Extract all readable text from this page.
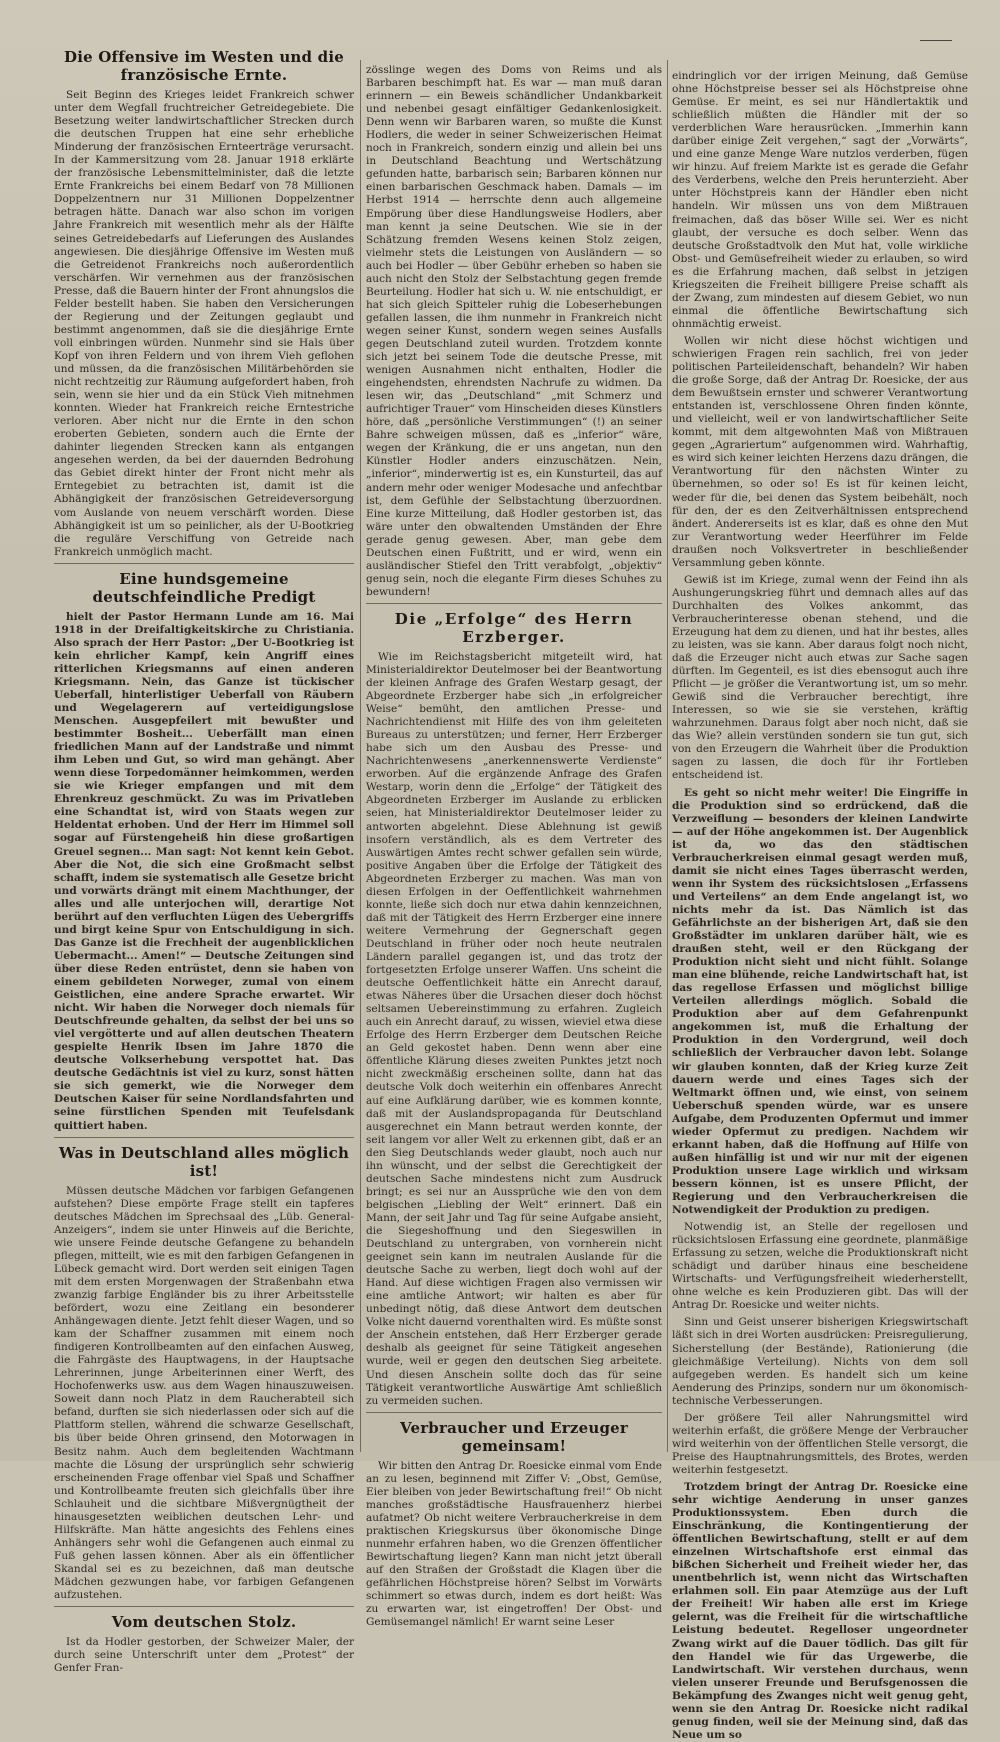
Die Offensive im Westen und die französische Ernte.

Seit Beginn des Krieges leidet Frankreich schwer unter dem Wegfall fruchtreicher Getreidegebiete. Die Besetzung weiter landwirtschaftlicher Strecken durch die deutschen Truppen hat eine sehr erhebliche Minderung der französischen Ernteerträge verursacht. In der Kammersitzung vom 28. Januar 1918 erklärte der französische Lebensmittelminister, daß die letzte Ernte Frankreichs bei einem Bedarf von 78 Millionen Doppelzentnern nur 31 Millionen Doppelzentner betragen hätte. Danach war also schon im vorigen Jahre Frankreich mit wesentlich mehr als der Hälfte seines Getreidebedarfs auf Lieferungen des Auslandes angewiesen. Die diesjährige Offensive im Westen muß die Getreidenot Frankreichs noch außerordentlich verschärfen. Wir vernehmen aus der französischen Presse, daß die Bauern hinter der Front ahnungslos die Felder bestellt haben. Sie haben den Versicherungen der Regierung und der Zeitungen geglaubt und bestimmt angenommen, daß sie die diesjährige Ernte voll einbringen würden. Nunmehr sind sie Hals über Kopf von ihren Feldern und von ihrem Vieh geflohen und müssen, da die französischen Militärbehörden sie nicht rechtzeitig zur Räumung aufgefordert haben, froh sein, wenn sie hier und da ein Stück Vieh mitnehmen konnten. Wieder hat Frankreich reiche Erntestriche verloren. Aber nicht nur die Ernte in den schon eroberten Gebieten, sondern auch die Ernte der dahinter liegenden Strecken kann als entgangen angesehen werden, da bei der dauernden Bedrohung das Gebiet direkt hinter der Front nicht mehr als Erntegebiet zu betrachten ist, damit ist die Abhängigkeit der französischen Getreideversorgung vom Auslande von neuem verschärft worden. Diese Abhängigkeit ist um so peinlicher, als der U-Bootkrieg die reguläre Verschiffung von Getreide nach Frankreich unmöglich macht.

Eine hundsgemeine deutschfeindliche Predigt

hielt der Pastor Hermann Lunde am 16. Mai 1918 in der Dreifaltigkeitskirche zu Christiania. Also sprach der Herr Pastor: „Der U-Bootkrieg ist kein ehrlicher Kampf, kein Angriff eines ritterlichen Kriegsmanns auf einen anderen Kriegsmann. Nein, das Ganze ist tückischer Ueberfall, hinterlistiger Ueberfall von Räubern und Wegelagerern auf verteidigungslose Menschen. Ausgepfeilert mit bewußter und bestimmter Bosheit... Ueberfällt man einen friedlichen Mann auf der Landstraße und nimmt ihm Leben und Gut, so wird man gehängt. Aber wenn diese Torpedomänner heimkommen, werden sie wie Krieger empfangen und mit dem Ehrenkreuz geschmückt. Zu was im Privatleben eine Schandtat ist, wird von Staats wegen zur Heldentat erhoben. Und der Herr im Himmel soll sogar auf Fürstengeheiß hin diese großartigen Greuel segnen... Man sagt: Not kennt kein Gebot. Aber die Not, die sich eine Großmacht selbst schafft, indem sie systematisch alle Gesetze bricht und vorwärts drängt mit einem Machthunger, der alles und alle unterjochen will, derartige Not berührt auf den verfluchten Lügen des Uebergriffs und birgt keine Spur von Entschuldigung in sich. Das Ganze ist die Frechheit der augenblicklichen Uebermacht... Amen!“ — Deutsche Zeitungen sind über diese Reden entrüstet, denn sie haben von einem gebildeten Norweger, zumal von einem Geistlichen, eine andere Sprache erwartet. Wir nicht. Wir haben die Norweger doch niemals für Deutschfreunde gehalten, da selbst der bei uns so viel vergötterte und auf allen deutschen Theatern gespielte Henrik Ibsen im Jahre 1870 die deutsche Volkserhebung verspottet hat. Das deutsche Gedächtnis ist viel zu kurz, sonst hätten sie sich gemerkt, wie die Norweger dem Deutschen Kaiser für seine Nordlandsfahrten und seine fürstlichen Spenden mit Teufelsdank quittiert haben.

Was in Deutschland alles möglich ist!

Müssen deutsche Mädchen vor farbigen Gefangenen aufstehen? Diese empörte Frage stellt ein tapferes deutsches Mädchen im Sprechsaal des „Lüb. General-Anzeigers“, indem sie unter Hinweis auf die Berichte, wie unsere Feinde deutsche Gefangene zu behandeln pflegen, mitteilt, wie es mit den farbigen Gefangenen in Lübeck gemacht wird. Dort werden seit einigen Tagen mit dem ersten Morgenwagen der Straßenbahn etwa zwanzig farbige Engländer bis zu ihrer Arbeitsstelle befördert, wozu eine Zeitlang ein besonderer Anhängewagen diente. Jetzt fehlt dieser Wagen, und so kam der Schaffner zusammen mit einem noch findigeren Kontrollbeamten auf den einfachen Ausweg, die Fahrgäste des Hauptwagens, in der Hauptsache Lehrerinnen, junge Arbeiterinnen einer Werft, des Hochofenwerks usw. aus dem Wagen hinauszuweisen. Soweit dann noch Platz in dem Raucherabteil sich befand, durften sie sich niederlassen oder sich auf die Plattform stellen, während die schwarze Gesellschaft, bis über beide Ohren grinsend, den Motorwagen in Besitz nahm. Auch dem begleitenden Wachtmann machte die Lösung der ursprünglich sehr schwierig erscheinenden Frage offenbar viel Spaß und Schaffner und Kontrollbeamte freuten sich gleichfalls über ihre Schlauheit und die sichtbare Mißvergnügtheit der hinausgesetzten weiblichen deutschen Lehr- und Hilfskräfte. Man hätte angesichts des Fehlens eines Anhängers sehr wohl die Gefangenen auch einmal zu Fuß gehen lassen können. Aber als ein öffentlicher Skandal sei es zu bezeichnen, daß man deutsche Mädchen gezwungen habe, vor farbigen Gefangenen aufzustehen.

Vom deutschen Stolz.

Ist da Hodler gestorben, der Schweizer Maler, der durch seine Unterschrift unter dem „Protest“ der Genfer Fran-

zösslinge wegen des Doms von Reims und als Barbaren beschimpft hat. Es war — man muß daran erinnern — ein Beweis schändlicher Undankbarkeit und nebenbei gesagt einfältiger Gedankenlosigkeit. Denn wenn wir Barbaren waren, so mußte die Kunst Hodlers, die weder in seiner Schweizerischen Heimat noch in Frankreich, sondern einzig und allein bei uns in Deutschland Beachtung und Wertschätzung gefunden hatte, barbarisch sein; Barbaren können nur einen barbarischen Geschmack haben. Damals — im Herbst 1914 — herrschte denn auch allgemeine Empörung über diese Handlungsweise Hodlers, aber man kennt ja seine Deutschen. Wie sie in der Schätzung fremden Wesens keinen Stolz zeigen, vielmehr stets die Leistungen von Ausländern — so auch bei Hodler — über Gebühr erheben so haben sie auch nicht den Stolz der Selbstachtung gegen fremde Beurteilung. Hodler hat sich u. W. nie entschuldigt, er hat sich gleich Spitteler ruhig die Lobeserhebungen gefallen lassen, die ihm nunmehr in Frankreich nicht wegen seiner Kunst, sondern wegen seines Ausfalls gegen Deutschland zuteil wurden. Trotzdem konnte sich jetzt bei seinem Tode die deutsche Presse, mit wenigen Ausnahmen nicht enthalten, Hodler die eingehendsten, ehrendsten Nachrufe zu widmen. Da lesen wir, das „Deutschland“ „mit Schmerz und aufrichtiger Trauer“ vom Hinscheiden dieses Künstlers höre, daß „persönliche Verstimmungen“ (!) an seiner Bahre schweigen müssen, daß es „inferior“ wäre, wegen der Kränkung, die er uns angetan, nun den Künstler Hodler anders einzuschätzen. Nein, „inferior“, minderwertig ist es, ein Kunsturteil, das auf andern mehr oder weniger Modesache und anfechtbar ist, dem Gefühle der Selbstachtung überzuordnen. Eine kurze Mitteilung, daß Hodler gestorben ist, das wäre unter den obwaltenden Umständen der Ehre gerade genug gewesen. Aber, man gebe dem Deutschen einen Fußtritt, und er wird, wenn ein ausländischer Stiefel den Tritt verabfolgt, „objektiv“ genug sein, noch die elegante Firm dieses Schuhes zu bewundern!

Die „Erfolge“ des Herrn Erzberger.

Wie im Reichstagsbericht mitgeteilt wird, hat Ministerialdirektor Deutelmoser bei der Beantwortung der kleinen Anfrage des Grafen Westarp gesagt, der Abgeordnete Erzberger habe sich „in erfolgreicher Weise“ bemüht, den amtlichen Presse- und Nachrichtendienst mit Hilfe des von ihm geleiteten Bureaus zu unterstützen; und ferner, Herr Erzberger habe sich um den Ausbau des Presse- und Nachrichtenwesens „anerkennenswerte Verdienste“ erworben. Auf die ergänzende Anfrage des Grafen Westarp, worin denn die „Erfolge“ der Tätigkeit des Abgeordneten Erzberger im Auslande zu erblicken seien, hat Ministerialdirektor Deutelmoser leider zu antworten abgelehnt. Diese Ablehnung ist gewiß insofern verständlich, als es dem Vertreter des Auswärtigen Amtes recht schwer gefallen sein würde, positive Angaben über die Erfolge der Tätigkeit des Abgeordneten Erzberger zu machen. Was man von diesen Erfolgen in der Oeffentlichkeit wahrnehmen konnte, ließe sich doch nur etwa dahin kennzeichnen, daß mit der Tätigkeit des Herrn Erzberger eine innere weitere Vermehrung der Gegnerschaft gegen Deutschland in früher oder noch heute neutralen Ländern parallel gegangen ist, und das trotz der fortgesetzten Erfolge unserer Waffen. Uns scheint die deutsche Oeffentlichkeit hätte ein Anrecht darauf, etwas Näheres über die Ursachen dieser doch höchst seltsamen Uebereinstimmung zu erfahren. Zugleich auch ein Anrecht darauf, zu wissen, wieviel etwa diese Erfolge des Herrn Erzberger dem Deutschen Reiche an Geld gekostet haben. Denn wenn aber eine öffentliche Klärung dieses zweiten Punktes jetzt noch nicht zweckmäßig erscheinen sollte, dann hat das deutsche Volk doch weiterhin ein offenbares Anrecht auf eine Aufklärung darüber, wie es kommen konnte, daß mit der Auslandspropaganda für Deutschland ausgerechnet ein Mann betraut werden konnte, der seit langem vor aller Welt zu erkennen gibt, daß er an den Sieg Deutschlands weder glaubt, noch auch nur ihn wünscht, und der selbst die Gerechtigkeit der deutschen Sache mindestens nicht zum Ausdruck bringt; es sei nur an Aussprüche wie den von dem belgischen „Liebling der Welt“ erinnert. Daß ein Mann, der seit Jahr und Tag für seine Aufgabe ansieht, die Siegeshoffnung und den Siegeswillen in Deutschland zu untergraben, von vornherein nicht geeignet sein kann im neutralen Auslande für die deutsche Sache zu werben, liegt doch wohl auf der Hand. Auf diese wichtigen Fragen also vermissen wir eine amtliche Antwort; wir halten es aber für unbedingt nötig, daß diese Antwort dem deutschen Volke nicht dauernd vorenthalten wird. Es müßte sonst der Anschein entstehen, daß Herr Erzberger gerade deshalb als geeignet für seine Tätigkeit angesehen wurde, weil er gegen den deutschen Sieg arbeitete. Und diesen Anschein sollte doch das für seine Tätigkeit verantwortliche Auswärtige Amt schließlich zu vermeiden suchen.

Verbraucher und Erzeuger gemeinsam!

Wir bitten den Antrag Dr. Roesicke einmal vom Ende an zu lesen, beginnend mit Ziffer V: „Obst, Gemüse, Eier bleiben von jeder Bewirtschaftung frei!“ Ob nicht manches großstädtische Hausfrauenherz hierbei aufatmet? Ob nicht weitere Verbraucherkreise in dem praktischen Kriegskursus über ökonomische Dinge nunmehr erfahren haben, wo die Grenzen öffentlicher Bewirtschaftung liegen? Kann man nicht jetzt überall auf den Straßen der Großstadt die Klagen über die gefährlichen Höchstpreise hören? Selbst im Vorwärts schimmert so etwas durch, indem es dort heißt: Was zu erwarten war, ist eingetroffen! Der Obst- und Gemüsemangel nämlich! Er warnt seine Leser

eindringlich vor der irrigen Meinung, daß Gemüse ohne Höchstpreise besser sei als Höchstpreise ohne Gemüse. Er meint, es sei nur Händlertaktik und schließlich müßten die Händler mit der so verderblichen Ware herausrücken. „Immerhin kann darüber einige Zeit vergehen,“ sagt der „Vorwärts“, und eine ganze Menge Ware nutzlos verderben, fügen wir hinzu. Auf freiem Markte ist es gerade die Gefahr des Verderbens, welche den Preis herunterzieht. Aber unter Höchstpreis kann der Händler eben nicht handeln. Wir müssen uns von dem Mißtrauen freimachen, daß das böser Wille sei. Wer es nicht glaubt, der versuche es doch selber. Wenn das deutsche Großstadtvolk den Mut hat, volle wirkliche Obst- und Gemüsefreiheit wieder zu erlauben, so wird es die Erfahrung machen, daß selbst in jetzigen Kriegszeiten die Freiheit billigere Preise schafft als der Zwang, zum mindesten auf diesem Gebiet, wo nun einmal die öffentliche Bewirtschaftung sich ohnmächtig erweist.

Wollen wir nicht diese höchst wichtigen und schwierigen Fragen rein sachlich, frei von jeder politischen Parteileidenschaft, behandeln? Wir haben die große Sorge, daß der Antrag Dr. Roesicke, der aus dem Bewußtsein ernster und schwerer Verantwortung entstanden ist, verschlossene Ohren finden könnte, und vielleicht, weil er von landwirtschaftlicher Seite kommt, mit dem altgewohnten Maß von Mißtrauen gegen „Agrariertum“ aufgenommen wird. Wahrhaftig, es wird sich keiner leichten Herzens dazu drängen, die Verantwortung für den nächsten Winter zu übernehmen, so oder so! Es ist für keinen leicht, weder für die, bei denen das System beibehält, noch für den, der es den Zeitverhältnissen entsprechend ändert. Andererseits ist es klar, daß es ohne den Mut zur Verantwortung weder Heerführer im Felde draußen noch Volksvertreter in beschließender Versammlung geben könnte.

Gewiß ist im Kriege, zumal wenn der Feind ihn als Aushungerungskrieg führt und demnach alles auf das Durchhalten des Volkes ankommt, das Verbraucherinteresse obenan stehend, und die Erzeugung hat dem zu dienen, und hat ihr bestes, alles zu leisten, was sie kann. Aber daraus folgt noch nicht, daß die Erzeuger nicht auch etwas zur Sache sagen dürften. Im Gegenteil, es ist dies ebensogut auch ihre Pflicht — je größer die Verantwortung ist, um so mehr. Gewiß sind die Verbraucher berechtigt, ihre Interessen, so wie sie sie verstehen, kräftig wahrzunehmen. Daraus folgt aber noch nicht, daß sie das Wie? allein verstünden sondern sie tun gut, sich von den Erzeugern die Wahrheit über die Produktion sagen zu lassen, die doch für ihr Fortleben entscheidend ist.

Es geht so nicht mehr weiter! Die Eingriffe in die Produktion sind so erdrückend, daß die Verzweiflung — besonders der kleinen Landwirte — auf der Höhe angekommen ist. Der Augenblick ist da, wo das den städtischen Verbraucherkreisen einmal gesagt werden muß, damit sie nicht eines Tages überrascht werden, wenn ihr System des rücksichtslosen „Erfassens und Verteilens“ an dem Ende angelangt ist, wo nichts mehr da ist. Das Nämlich ist das Gefährlichste an der bisherigen Art, daß sie den Großstädter im unklaren darüber hält, wie es draußen steht, weil er den Rückgang der Produktion nicht sieht und nicht fühlt. Solange man eine blühende, reiche Landwirtschaft hat, ist das regellose Erfassen und möglichst billige Verteilen allerdings möglich. Sobald die Produktion aber auf dem Gefahrenpunkt angekommen ist, muß die Erhaltung der Produktion in den Vordergrund, weil doch schließlich der Verbraucher davon lebt. Solange wir glauben konnten, daß der Krieg kurze Zeit dauern werde und eines Tages sich der Weltmarkt öffnen und, wie einst, von seinem Ueberschuß spenden würde, war es unsere Aufgabe, dem Produzenten Opfermut und immer wieder Opfermut zu predigen. Nachdem wir erkannt haben, daß die Hoffnung auf Hilfe von außen hinfällig ist und wir nur mit der eigenen Produktion unsere Lage wirklich und wirksam bessern können, ist es unsere Pflicht, der Regierung und den Verbraucherkreisen die Notwendigkeit der Produktion zu predigen.

Notwendig ist, an Stelle der regellosen und rücksichtslosen Erfassung eine geordnete, planmäßige Erfassung zu setzen, welche die Produktionskraft nicht schädigt und darüber hinaus eine bescheidene Wirtschafts- und Verfügungsfreiheit wiederherstellt, ohne welche es kein Produzieren gibt. Das will der Antrag Dr. Roesicke und weiter nichts.

Sinn und Geist unserer bisherigen Kriegswirtschaft läßt sich in drei Worten ausdrücken: Preisregulierung, Sicherstellung (der Bestände), Rationierung (die gleichmäßige Verteilung). Nichts von dem soll aufgegeben werden. Es handelt sich um keine Aenderung des Prinzips, sondern nur um ökonomisch-technische Verbesserungen.

Der größere Teil aller Nahrungsmittel wird weiterhin erfaßt, die größere Menge der Verbraucher wird weiterhin von der öffentlichen Stelle versorgt, die Preise des Hauptnahrungsmittels, des Brotes, werden weiterhin festgesetzt.

Trotzdem bringt der Antrag Dr. Roesicke eine sehr wichtige Aenderung in unser ganzes Produktionssystem. Eben durch die Einschränkung, die Kontingentierung der öffentlichen Bewirtschaftung, stellt er auf dem einzelnen Wirtschaftshofe erst einmal das bißchen Sicherheit und Freiheit wieder her, das unentbehrlich ist, wenn nicht das Wirtschaften erlahmen soll. Ein paar Atemzüge aus der Luft der Freiheit! Wir haben alle erst im Kriege gelernt, was die Freiheit für die wirtschaftliche Leistung bedeutet. Regelloser ungeordneter Zwang wirkt auf die Dauer tödlich. Das gilt für den Handel wie für das Urgewerbe, die Landwirtschaft. Wir verstehen durchaus, wenn vielen unserer Freunde und Berufsgenossen die Bekämpfung des Zwanges nicht weit genug geht, wenn sie den Antrag Dr. Roesicke nicht radikal genug finden, weil sie der Meinung sind, daß das Neue um so
